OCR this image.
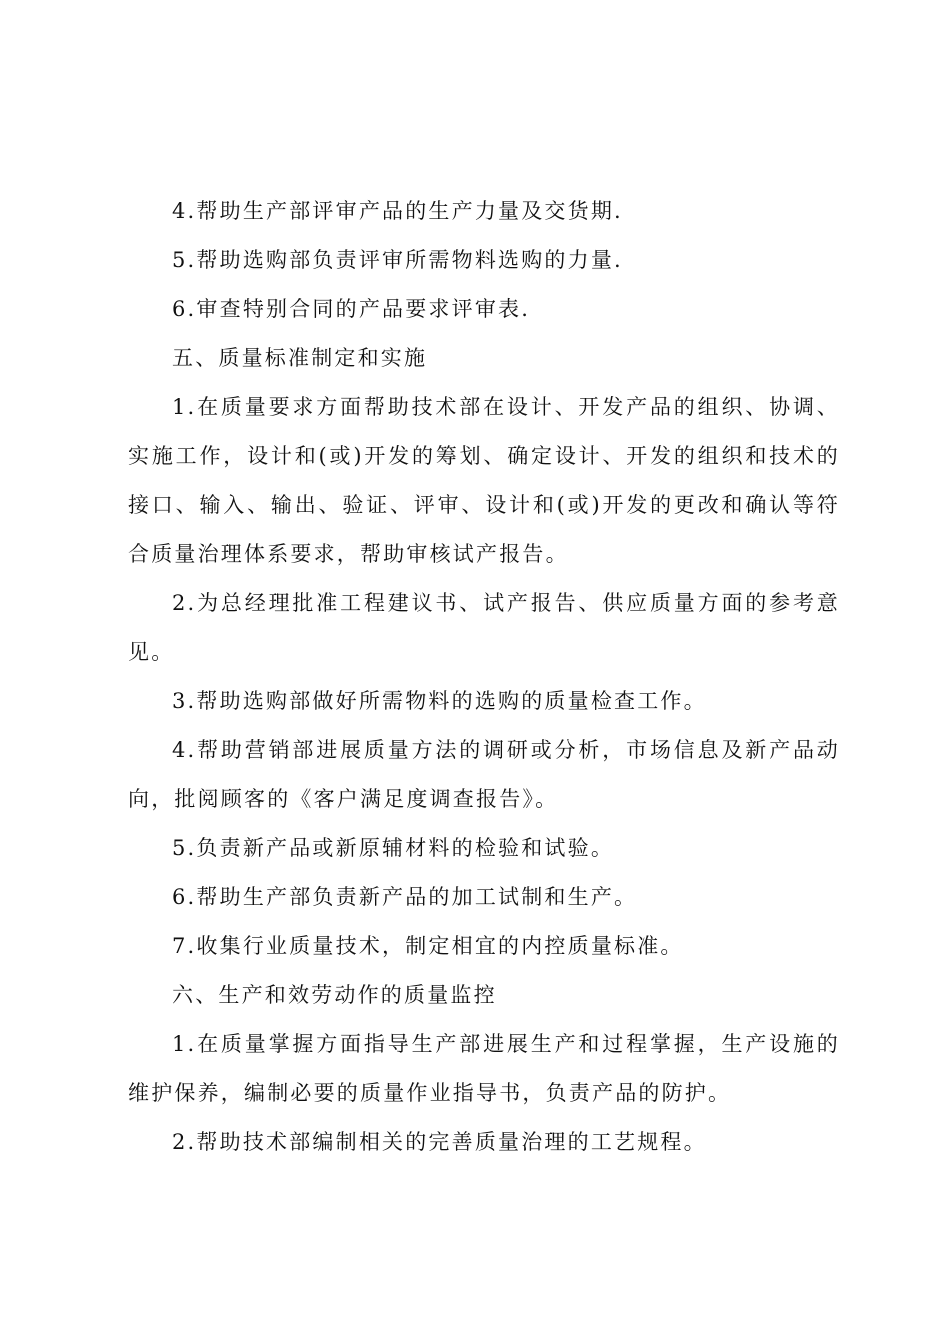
4.帮助生产部评审产品的生产力量及交货期.

5.帮助选购部负责评审所需物料选购的力量.

6.审查特别合同的产品要求评审表.

五、质量标准制定和实施

1.在质量要求方面帮助技术部在设计、开发产品的组织、协调、实施工作，设计和(或)开发的筹划、确定设计、开发的组织和技术的接口、输入、输出、验证、评审、设计和(或)开发的更改和确认等符合质量治理体系要求，帮助审核试产报告。

2.为总经理批准工程建议书、试产报告、供应质量方面的参考意见。

3.帮助选购部做好所需物料的选购的质量检查工作。

4.帮助营销部进展质量方法的调研或分析，市场信息及新产品动向，批阅顾客的《客户满足度调查报告》。

5.负责新产品或新原辅材料的检验和试验。

6.帮助生产部负责新产品的加工试制和生产。

7.收集行业质量技术，制定相宜的内控质量标准。

六、生产和效劳动作的质量监控

1.在质量掌握方面指导生产部进展生产和过程掌握，生产设施的维护保养，编制必要的质量作业指导书，负责产品的防护。

2.帮助技术部编制相关的完善质量治理的工艺规程。
